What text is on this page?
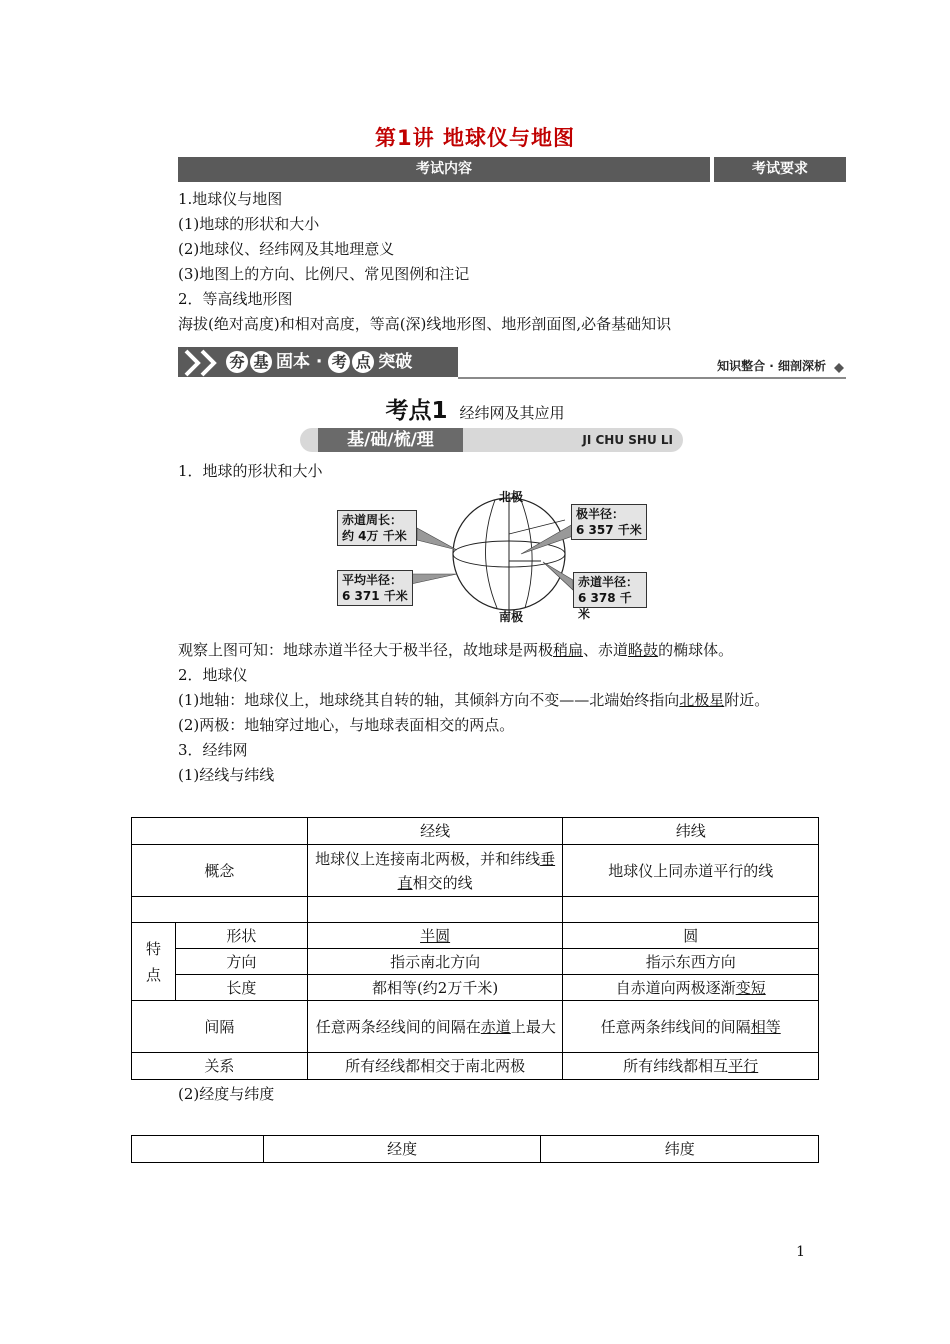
第1讲 地球仪与地图
考试内容	考试要求
1.地球仪与地图
(1)地球的形状和大小
(2)地球仪、经纬网及其地理意义
(3)地图上的方向、比例尺、常见图例和注记
2．等高线地形图
海拔(绝对高度)和相对高度，等高(深)线地形图、地形剖面图,必备基础知识
夯 基 固本 · 考 点 突破	知识整合 · 细剖深析
考点1 经纬网及其应用
基/础/梳/理	JI CHU SHU LI
1．地球的形状和大小
北极
南极
赤道周长：
约 4万 千米
极半径：
6 357 千米
平均半径：
6 371 千米
赤道半径：
6 378 千米
观察上图可知：地球赤道半径大于极半径，故地球是两极稍扁、赤道略鼓的椭球体。
2．地球仪
(1)地轴：地球仪上，地球绕其自转的轴，其倾斜方向不变——北端始终指向北极星附近。
(2)两极：地轴穿过地心，与地球表面相交的两点。
3．经纬网
(1)经线与纬线
		经线	纬线
概念		地球仪上连接南北两极，并和纬线垂直相交的线	地球仪上同赤道平行的线

特点	形状	半圆	圆
	方向	指示南北方向	指示东西方向
	长度	都相等(约2万千米)	自赤道向两极逐渐变短
间隔		任意两条经线间的间隔在赤道上最大	任意两条纬线间的间隔相等
关系		所有经线都相交于南北两极	所有纬线都相互平行
(2)经度与纬度
	经度	纬度
1
